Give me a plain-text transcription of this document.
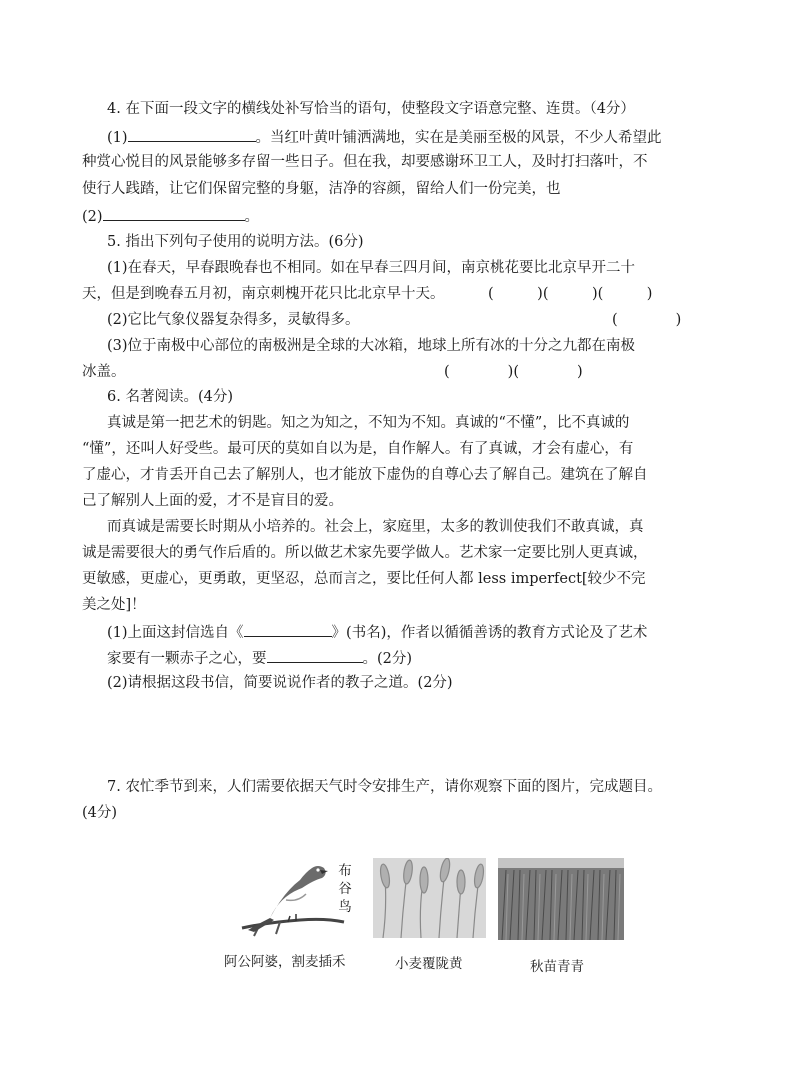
4. 在下面一段文字的横线处补写恰当的语句，使整段文字语意完整、连贯。（4分）
(1)	。当红叶黄叶铺洒满地，实在是美丽至极的风景，不少人希望此
种赏心悦目的风景能够多存留一些日子。但在我，却要感谢环卫工人，及时打扫落叶，不
使行人践踏，让它们保留完整的身躯，洁净的容颜，留给人们一份完美，也
(2)	。
5. 指出下列句子使用的说明方法。(6分)
(1)在春天，早春跟晚春也不相同。如在早春三四月间，南京桃花要比北京早开二十
天，但是到晚春五月初，南京刺槐开花只比北京早十天。	(　　　)(　　　)(　　　)
(2)它比气象仪器复杂得多，灵敏得多。	(　　　　)
(3)位于南极中心部位的南极洲是全球的大冰箱，地球上所有冰的十分之九都在南极
冰盖。	(　　　　)(　　　　)
6. 名著阅读。(4分)
真诚是第一把艺术的钥匙。知之为知之，不知为不知。真诚的“不懂”，比不真诚的
“懂”，还叫人好受些。最可厌的莫如自以为是，自作解人。有了真诚，才会有虚心，有
了虚心，才肯丢开自己去了解别人，也才能放下虚伪的自尊心去了解自己。建筑在了解自
己了解别人上面的爱，才不是盲目的爱。
而真诚是需要长时期从小培养的。社会上，家庭里，太多的教训使我们不敢真诚，真
诚是需要很大的勇气作后盾的。所以做艺术家先要学做人。艺术家一定要比别人更真诚，
更敏感，更虚心，更勇敢，更坚忍，总而言之，要比任何人都 less imperfect[较少不完
美之处]！
(1)上面这封信选自《	》(书名)，作者以循循善诱的教育方式论及了艺术
家要有一颗赤子之心，要	。(2分)
(2)请根据这段书信，简要说说作者的教子之道。(2分)
7. 农忙季节到来，人们需要依据天气时令安排生产，请你观察下面的图片，完成题目。
(4分)
布
谷
鸟
阿公阿婆，割麦插禾	小麦覆陇黄	秋苗青青
